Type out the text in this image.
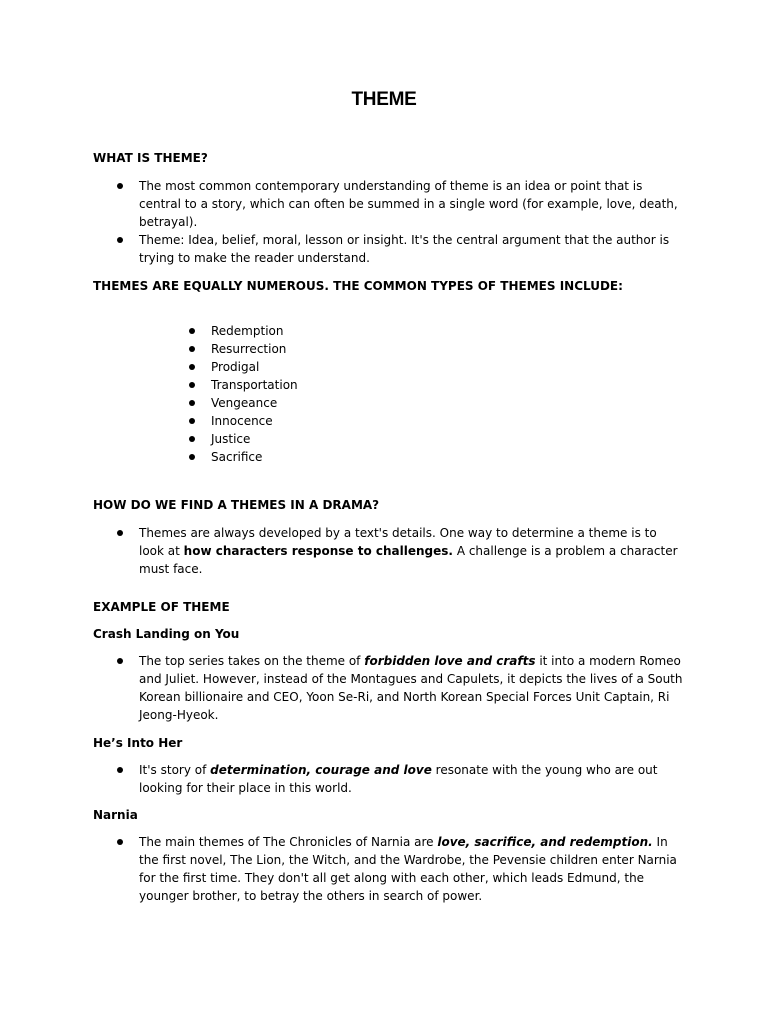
THEME
WHAT IS THEME?
The most common contemporary understanding of theme is an idea or point that is central to a story, which can often be summed in a single word (for example, love, death, betrayal).
Theme: Idea, belief, moral, lesson or insight. It's the central argument that the author is trying to make the reader understand.
THEMES ARE EQUALLY NUMEROUS. THE COMMON TYPES OF THEMES INCLUDE:
Redemption
Resurrection
Prodigal
Transportation
Vengeance
Innocence
Justice
Sacrifice
HOW DO WE FIND A THEMES IN A DRAMA?
Themes are always developed by a text's details. One way to determine a theme is to look at how characters response to challenges. A challenge is a problem a character must face.
EXAMPLE OF THEME
Crash Landing on You
The top series takes on the theme of forbidden love and crafts it into a modern Romeo and Juliet. However, instead of the Montagues and Capulets, it depicts the lives of a South Korean billionaire and CEO, Yoon Se-Ri, and North Korean Special Forces Unit Captain, Ri Jeong-Hyeok.
He’s Into Her
It's story of determination, courage and love resonate with the young who are out looking for their place in this world.
Narnia
The main themes of The Chronicles of Narnia are love, sacrifice, and redemption. In the first novel, The Lion, the Witch, and the Wardrobe, the Pevensie children enter Narnia for the first time. They don't all get along with each other, which leads Edmund, the younger brother, to betray the others in search of power.
